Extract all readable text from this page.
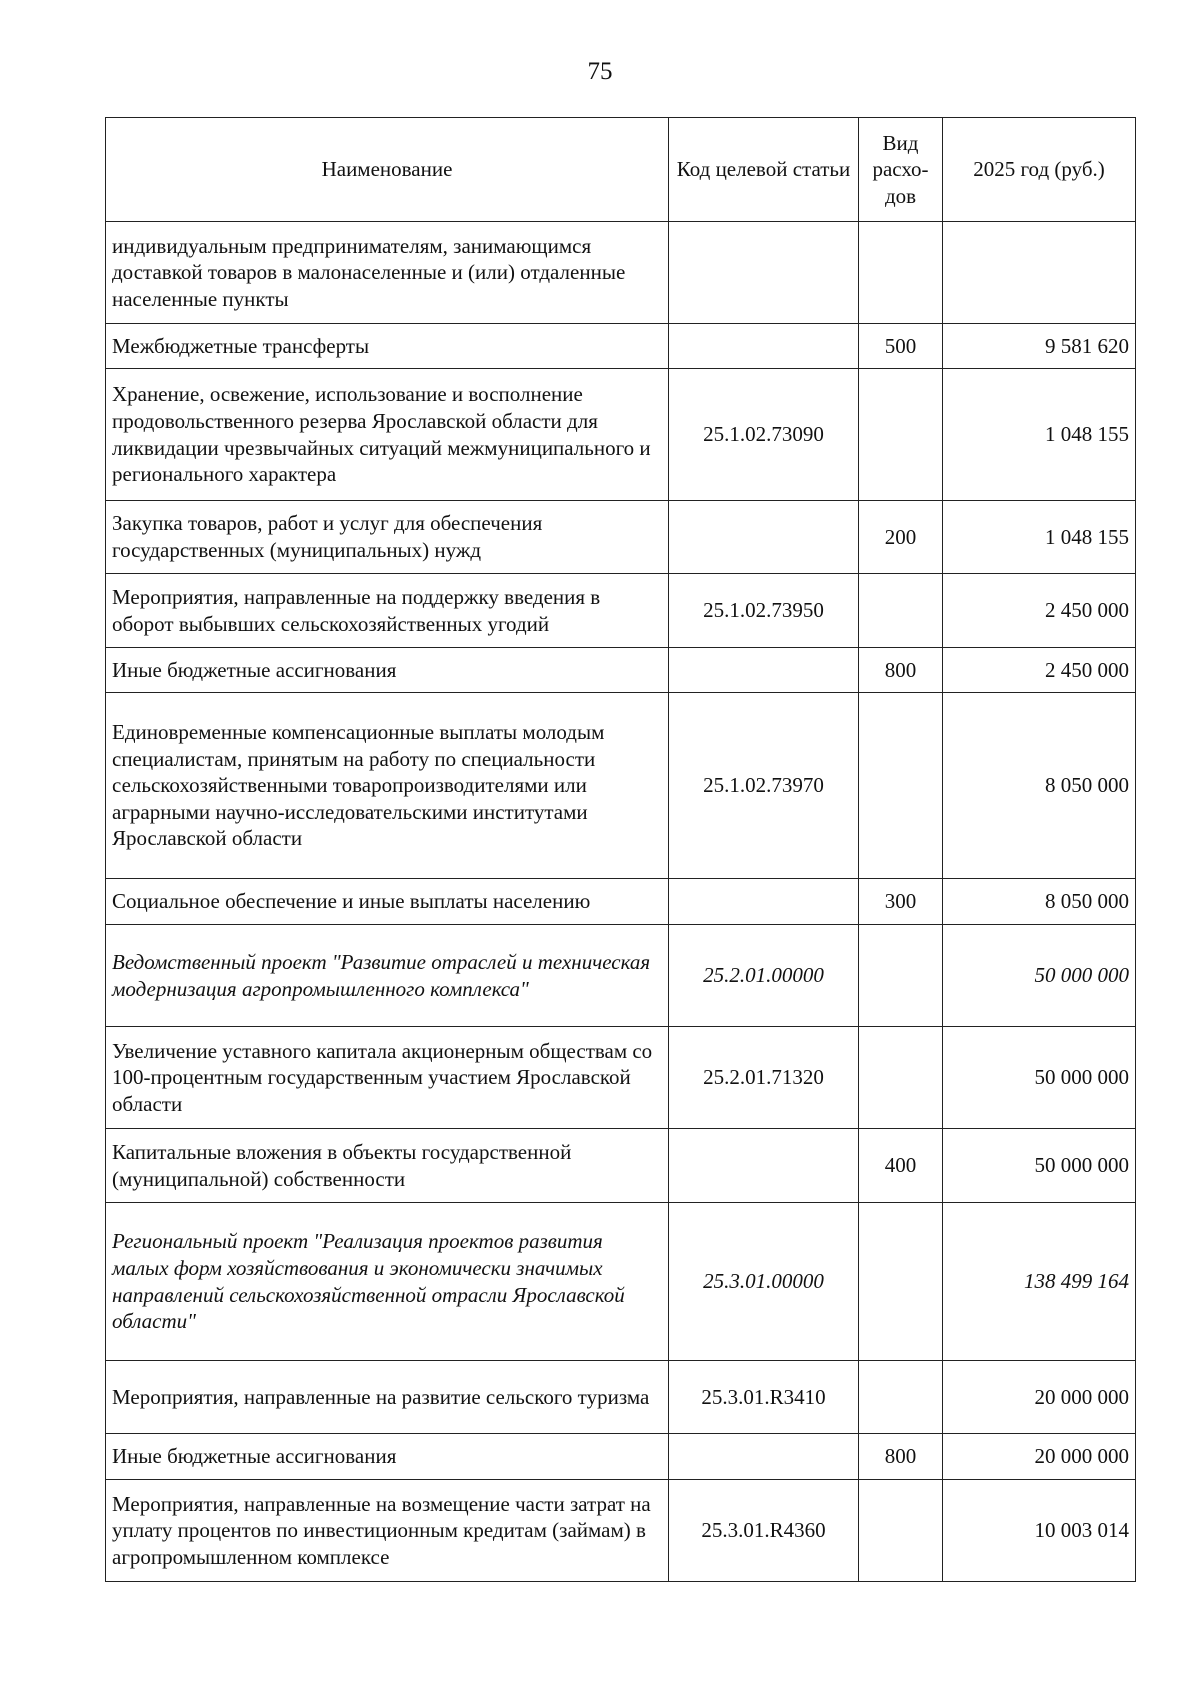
75
Наименование	Код целевой статьи	Вид расхо- дов	2025 год (руб.)
индивидуальным предпринимателям, занимающимся доставкой товаров в малонаселенные и (или) отдаленные населенные пункты			
Межбюджетные трансферты		500	9 581 620
Хранение, освежение, использование и восполнение продовольственного резерва Ярославской области для ликвидации чрезвычайных ситуаций межмуниципального и регионального характера	25.1.02.73090		1 048 155
Закупка товаров, работ и услуг для обеспечения государственных (муниципальных) нужд		200	1 048 155
Мероприятия, направленные на поддержку введения в оборот выбывших сельскохозяйственных угодий	25.1.02.73950		2 450 000
Иные бюджетные ассигнования		800	2 450 000
Единовременные компенсационные выплаты молодым специалистам, принятым на работу по специальности сельскохозяйственными товаропроизводителями или аграрными научно-исследовательскими институтами Ярославской области	25.1.02.73970		8 050 000
Социальное обеспечение и иные выплаты населению		300	8 050 000
Ведомственный проект "Развитие отраслей и техническая модернизация агропромышленного комплекса"	25.2.01.00000		50 000 000
Увеличение уставного капитала акционерным обществам со 100-процентным государственным участием Ярославской области	25.2.01.71320		50 000 000
Капитальные вложения в объекты государственной (муниципальной) собственности		400	50 000 000
Региональный проект "Реализация проектов развития малых форм хозяйствования и экономически значимых направлений сельскохозяйственной отрасли Ярославской области"	25.3.01.00000		138 499 164
Мероприятия, направленные на развитие сельского туризма	25.3.01.R3410		20 000 000
Иные бюджетные ассигнования		800	20 000 000
Мероприятия, направленные на возмещение части затрат на уплату процентов по инвестиционным кредитам (займам) в агропромышленном комплексе	25.3.01.R4360		10 003 014
